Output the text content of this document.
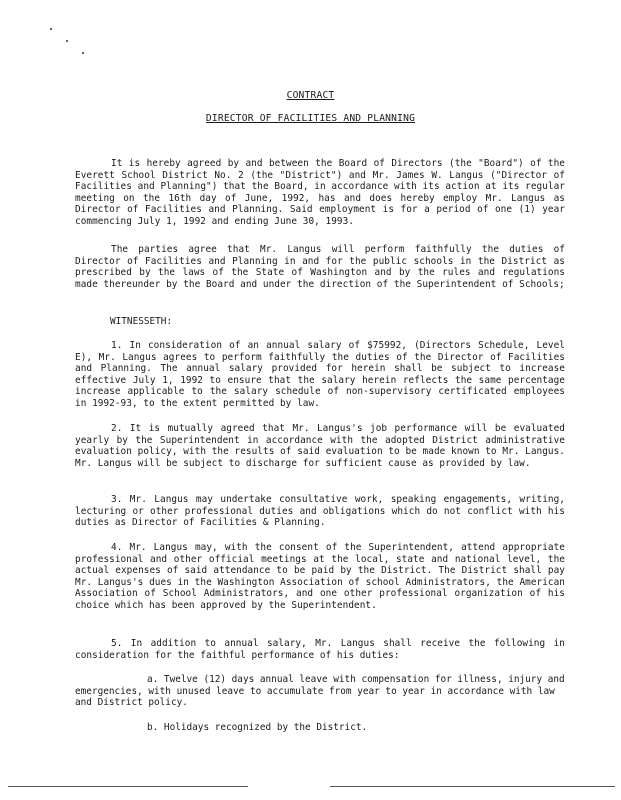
CONTRACT
DIRECTOR OF FACILITIES AND PLANNING

It is hereby agreed by and between the Board of Directors (the "Board") of the Everett School District No. 2 (the "District") and Mr. James W. Langus ("Director of Facilities and Planning") that the Board, in accordance with its action at its regular meeting on the 16th day of June, 1992, has and does hereby employ Mr. Langus as Director of Facilities and Planning. Said employment is for a period of one (1) year commencing July 1, 1992 and ending June 30, 1993.

The parties agree that Mr. Langus will perform faithfully the duties of Director of Facilities and Planning in and for the public schools in the District as prescribed by the laws of the State of Washington and by the rules and regulations made thereunder by the Board and under the direction of the Superintendent of Schools;

WITNESSETH:

1. In consideration of an annual salary of $75992, (Directors Schedule, Level E), Mr. Langus agrees to perform faithfully the duties of the Director of Facilities and Planning. The annual salary provided for herein shall be subject to increase effective July 1, 1992 to ensure that the salary herein reflects the same percentage increase applicable to the salary schedule of non-supervisory certificated employees in 1992-93, to the extent permitted by law.

2. It is mutually agreed that Mr. Langus's job performance will be evaluated yearly by the Superintendent in accordance with the adopted District administrative evaluation policy, with the results of said evaluation to be made known to Mr. Langus. Mr. Langus will be subject to discharge for sufficient cause as provided by law.

3. Mr. Langus may undertake consultative work, speaking engagements, writing, lecturing or other professional duties and obligations which do not conflict with his duties as Director of Facilities & Planning.

4. Mr. Langus may, with the consent of the Superintendent, attend appropriate professional and other official meetings at the local, state and national level, the actual expenses of said attendance to be paid by the District. The District shall pay Mr. Langus's dues in the Washington Association of school Administrators, the American Association of School Administrators, and one other professional organization of his choice which has been approved by the Superintendent.

5. In addition to annual salary, Mr. Langus shall receive the following in consideration for the faithful performance of his duties:

a. Twelve (12) days annual leave with compensation for illness, injury and emergencies, with unused leave to accumulate from year to year in accordance with law and District policy.

b. Holidays recognized by the District.
